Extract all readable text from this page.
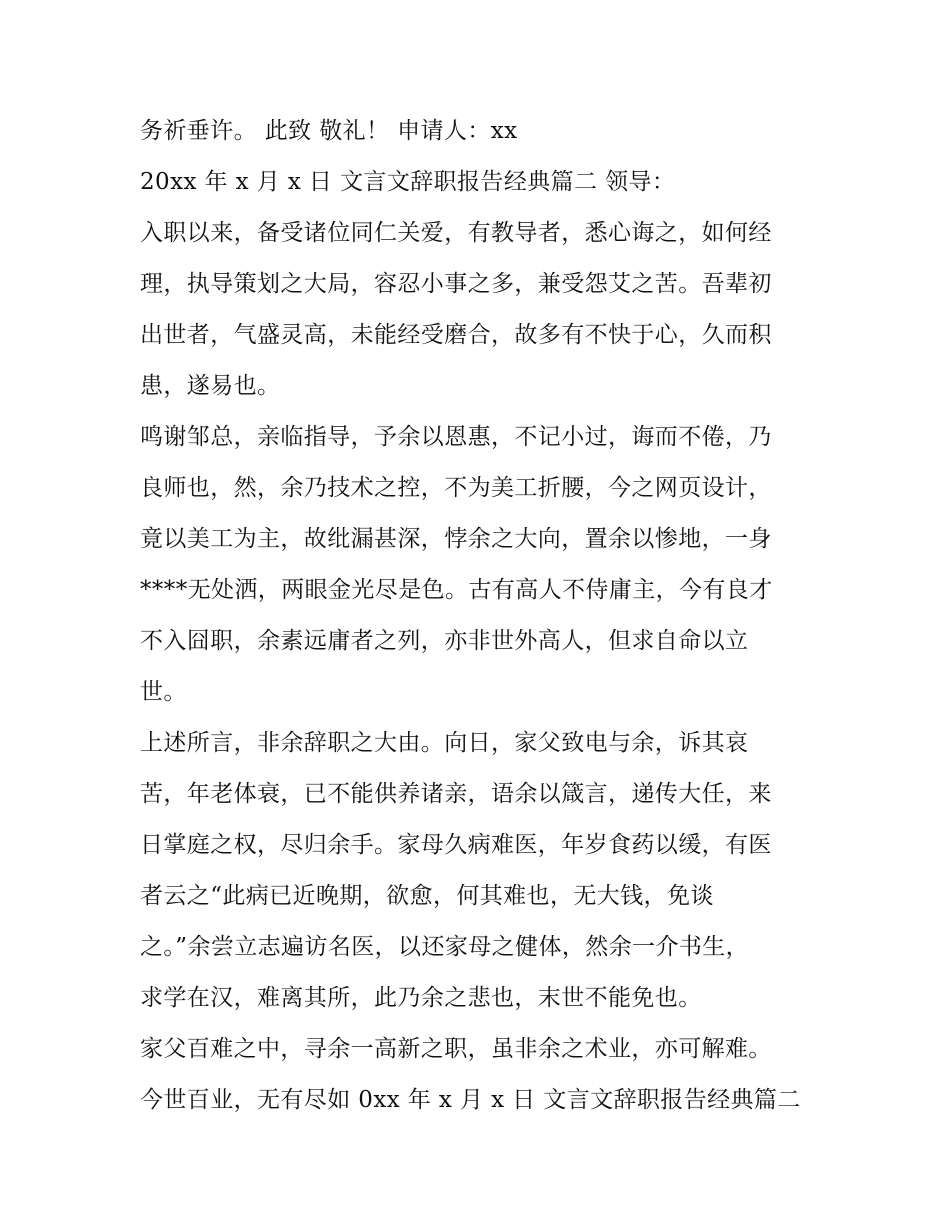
务祈垂许。 此致 敬礼！ 申请人：xx
20xx 年 x 月 x 日 文言文辞职报告经典篇二 领导：
入职以来，备受诸位同仁关爱，有教导者，悉心诲之，如何经
理，执导策划之大局，容忍小事之多，兼受怨艾之苦。吾辈初
出世者，气盛灵高，未能经受磨合，故多有不快于心，久而积
患，遂易也。
鸣谢邹总，亲临指导，予余以恩惠，不记小过，诲而不倦，乃
良师也，然，余乃技术之控，不为美工折腰，今之网页设计，
竟以美工为主，故纰漏甚深，悖余之大向，置余以惨地，一身
****无处洒，两眼金光尽是色。古有高人不侍庸主，今有良才
不入囧职，余素远庸者之列，亦非世外高人，但求自命以立
世。
上述所言，非余辞职之大由。向日，家父致电与余，诉其哀
苦，年老体衰，已不能供养诸亲，语余以箴言，递传大任，来
日掌庭之权，尽归余手。家母久病难医，年岁食药以缓，有医
者云之“此病已近晚期，欲愈，何其难也，无大钱，免谈
之。”余尝立志遍访名医，以还家母之健体，然余一介书生，
求学在汉，难离其所，此乃余之悲也，末世不能免也。
家父百难之中，寻余一高新之职，虽非余之术业，亦可解难。
今世百业，无有尽如 0xx 年 x 月 x 日 文言文辞职报告经典篇二
